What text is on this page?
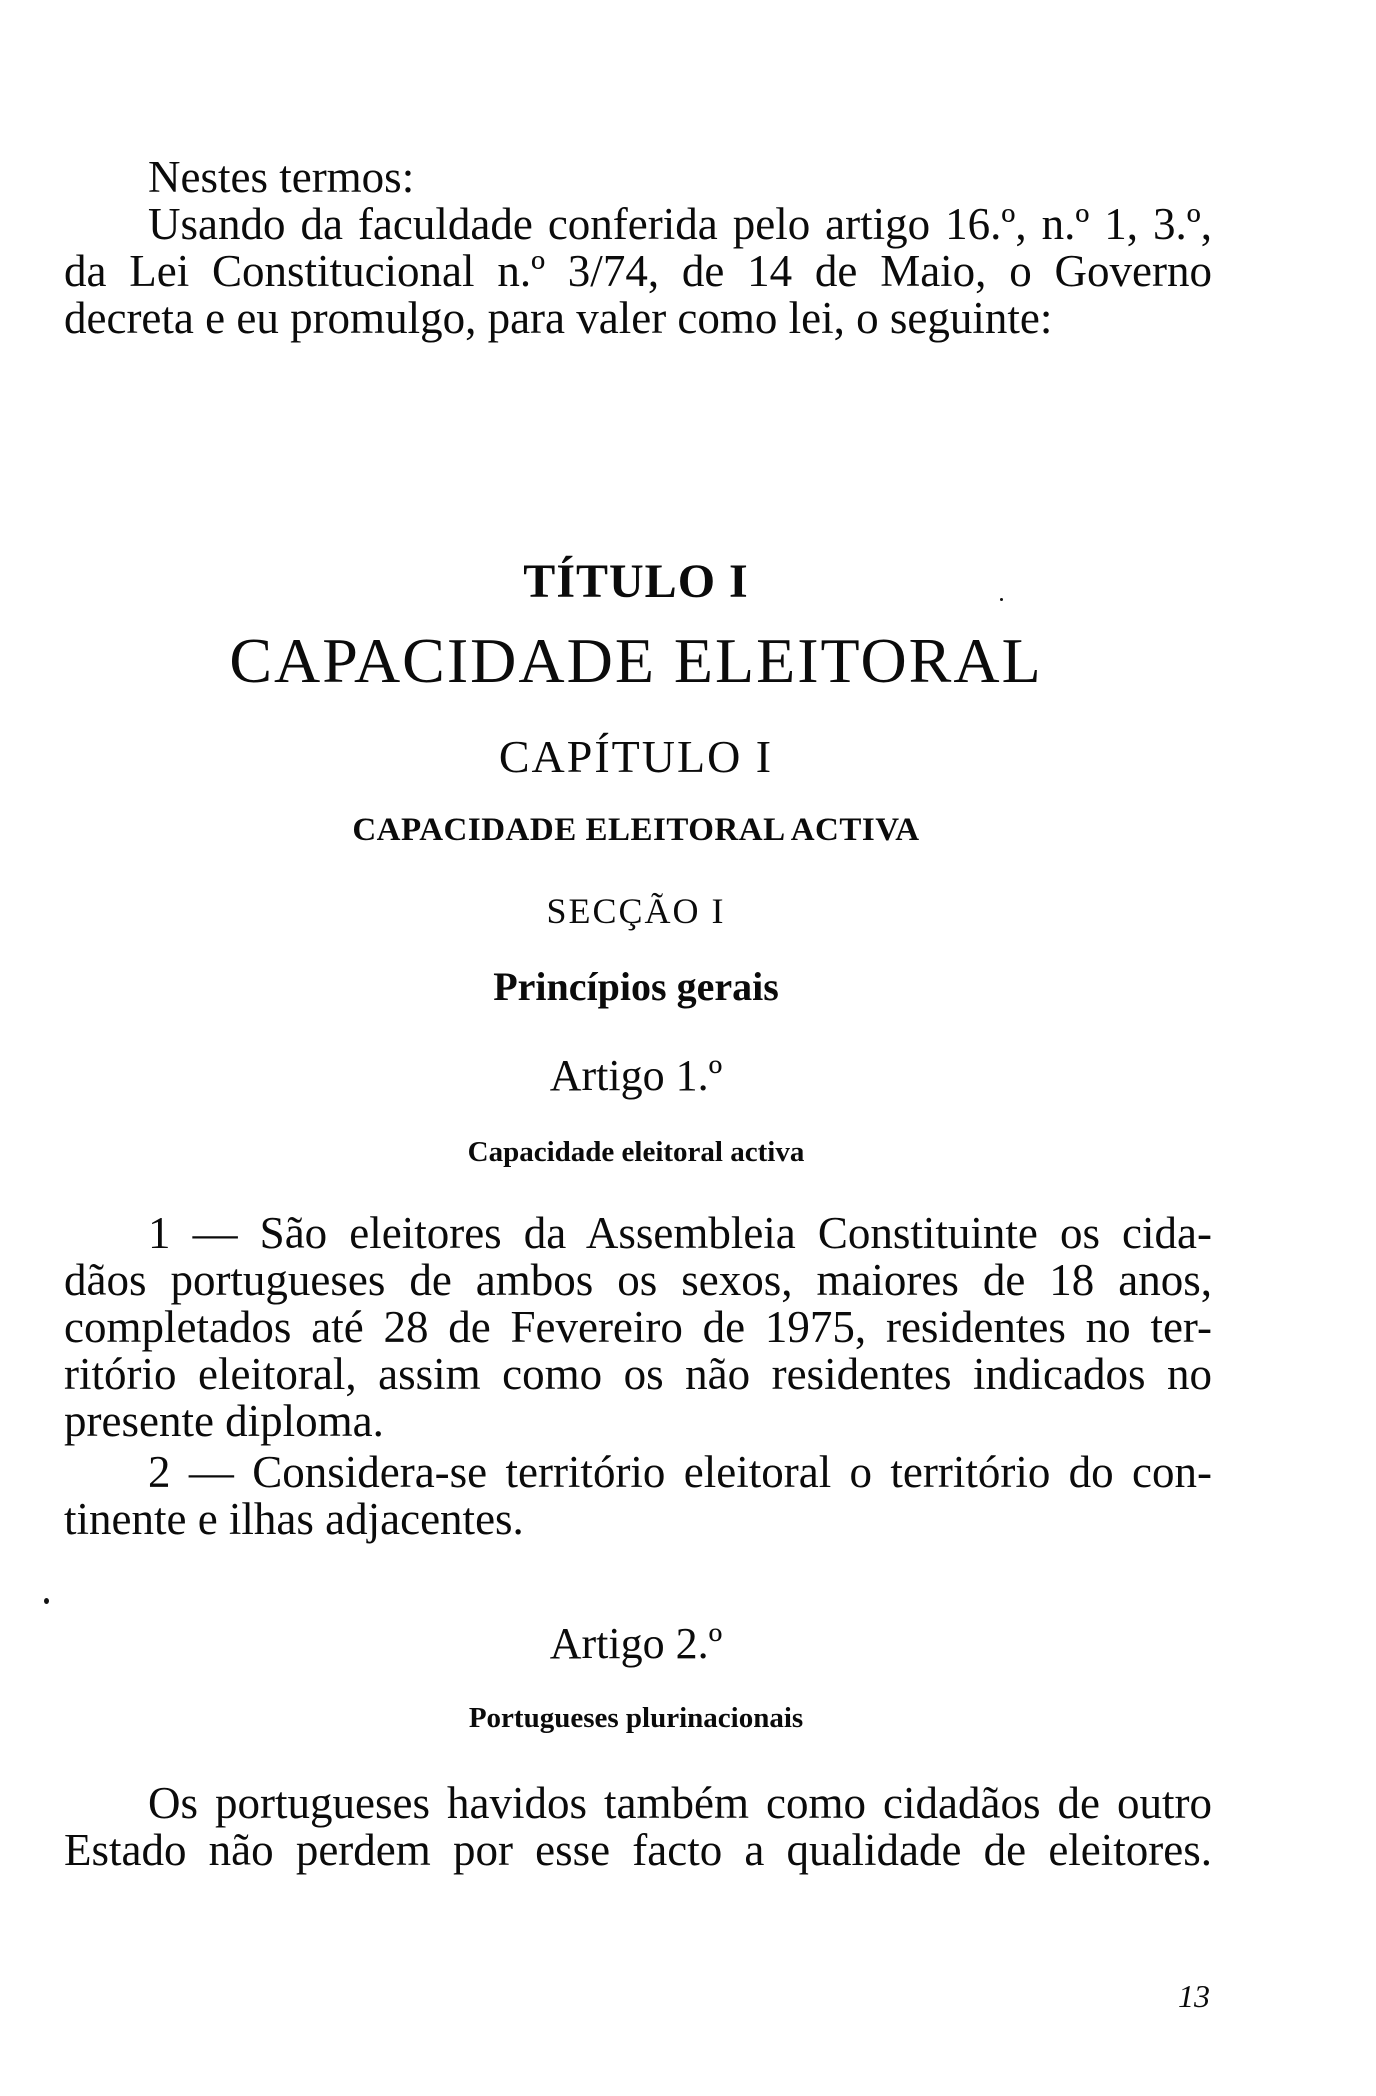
Nestes termos:
Usando da faculdade conferida pelo artigo 16.º, n.º 1, 3.º,
da Lei Constitucional n.º 3/74, de 14 de Maio, o Governo
decreta e eu promulgo, para valer como lei, o seguinte:

TÍTULO I

CAPACIDADE ELEITORAL

CAPÍTULO I

CAPACIDADE ELEITORAL ACTIVA

SECÇÃO I

Princípios gerais

Artigo 1.º

Capacidade eleitoral activa

1 — São eleitores da Assembleia Constituinte os cida-
dãos portugueses de ambos os sexos, maiores de 18 anos,
completados até 28 de Fevereiro de 1975, residentes no ter-
ritório eleitoral, assim como os não residentes indicados no
presente diploma.
2 — Considera-se território eleitoral o território do con-
tinente e ilhas adjacentes.

Artigo 2.º

Portugueses plurinacionais

Os portugueses havidos também como cidadãos de outro
Estado não perdem por esse facto a qualidade de eleitores.

13
